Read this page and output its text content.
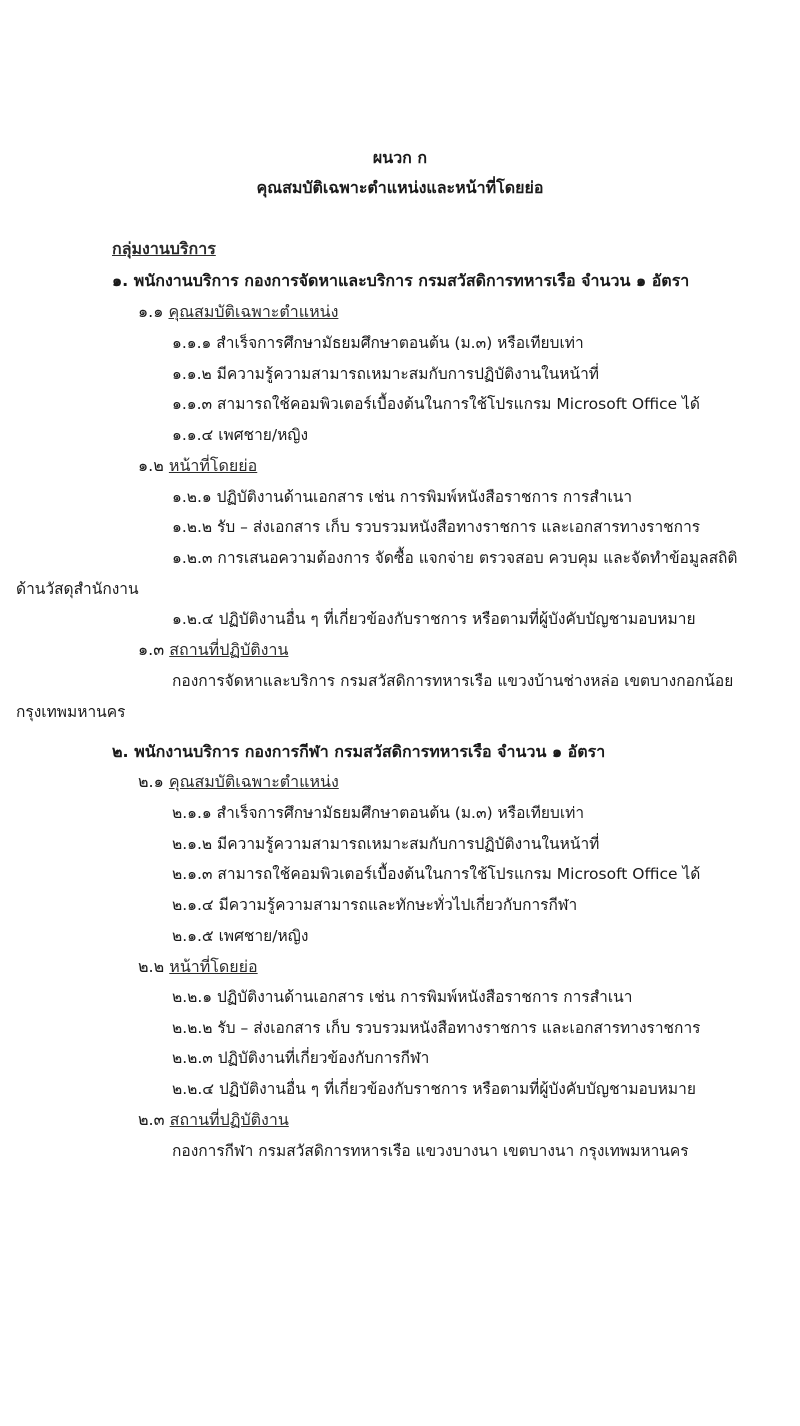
ผนวก ก
คุณสมบัติเฉพาะตำแหน่งและหน้าที่โดยย่อ
กลุ่มงานบริการ
๑. พนักงานบริการ กองการจัดหาและบริการ กรมสวัสดิการทหารเรือ จำนวน ๑ อัตรา
๑.๑ คุณสมบัติเฉพาะตำแหน่ง
๑.๑.๑ สำเร็จการศึกษามัธยมศึกษาตอนต้น (ม.๓) หรือเทียบเท่า
๑.๑.๒ มีความรู้ความสามารถเหมาะสมกับการปฏิบัติงานในหน้าที่
๑.๑.๓ สามารถใช้คอมพิวเตอร์เบื้องต้นในการใช้โปรแกรม Microsoft Office ได้
๑.๑.๔ เพศชาย/หญิง
๑.๒ หน้าที่โดยย่อ
๑.๒.๑ ปฏิบัติงานด้านเอกสาร เช่น การพิมพ์หนังสือราชการ การสำเนา
๑.๒.๒ รับ – ส่งเอกสาร เก็บ รวบรวมหนังสือทางราชการ และเอกสารทางราชการ
๑.๒.๓ การเสนอความต้องการ จัดซื้อ แจกจ่าย ตรวจสอบ ควบคุม และจัดทำข้อมูลสถิติ
ด้านวัสดุสำนักงาน
๑.๒.๔ ปฏิบัติงานอื่น ๆ ที่เกี่ยวข้องกับราชการ หรือตามที่ผู้บังคับบัญชามอบหมาย
๑.๓ สถานที่ปฏิบัติงาน
กองการจัดหาและบริการ กรมสวัสดิการทหารเรือ แขวงบ้านช่างหล่อ เขตบางกอกน้อย
กรุงเทพมหานคร
๒. พนักงานบริการ กองการกีฬา กรมสวัสดิการทหารเรือ จำนวน ๑ อัตรา
๒.๑ คุณสมบัติเฉพาะตำแหน่ง
๒.๑.๑ สำเร็จการศึกษามัธยมศึกษาตอนต้น (ม.๓) หรือเทียบเท่า
๒.๑.๒ มีความรู้ความสามารถเหมาะสมกับการปฏิบัติงานในหน้าที่
๒.๑.๓ สามารถใช้คอมพิวเตอร์เบื้องต้นในการใช้โปรแกรม Microsoft Office ได้
๒.๑.๔ มีความรู้ความสามารถและทักษะทั่วไปเกี่ยวกับการกีฬา
๒.๑.๕ เพศชาย/หญิง
๒.๒ หน้าที่โดยย่อ
๒.๒.๑ ปฏิบัติงานด้านเอกสาร เช่น การพิมพ์หนังสือราชการ การสำเนา
๒.๒.๒ รับ – ส่งเอกสาร เก็บ รวบรวมหนังสือทางราชการ และเอกสารทางราชการ
๒.๒.๓ ปฏิบัติงานที่เกี่ยวข้องกับการกีฬา
๒.๒.๔ ปฏิบัติงานอื่น ๆ ที่เกี่ยวข้องกับราชการ หรือตามที่ผู้บังคับบัญชามอบหมาย
๒.๓ สถานที่ปฏิบัติงาน
กองการกีฬา กรมสวัสดิการทหารเรือ แขวงบางนา เขตบางนา กรุงเทพมหานคร
